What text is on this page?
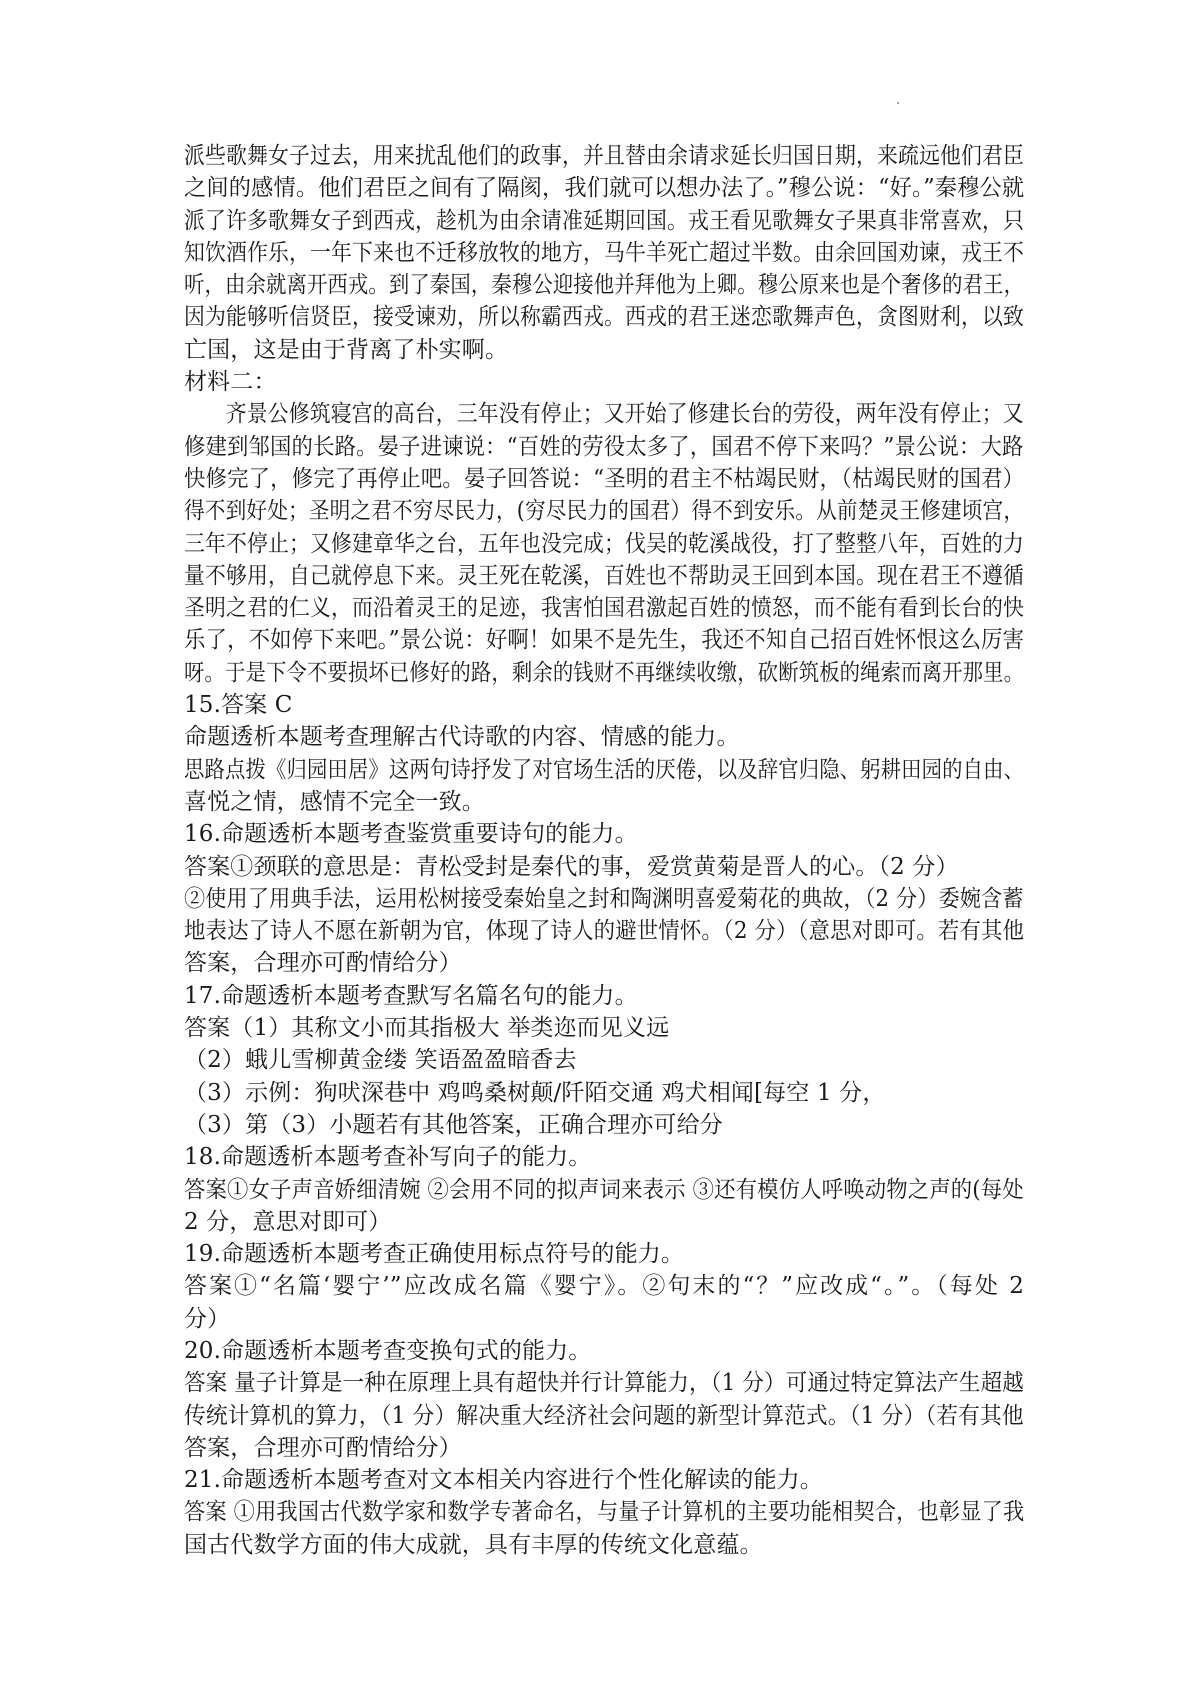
派些歌舞女子过去，用来扰乱他们的政事，并且替由余请求延长归国日期，来疏远他们君臣
之间的感情。他们君臣之间有了隔阂，我们就可以想办法了。”穆公说：“好。”秦穆公就
派了许多歌舞女子到西戎，趁机为由余请准延期回国。戎王看见歌舞女子果真非常喜欢，只
知饮酒作乐，一年下来也不迁移放牧的地方，马牛羊死亡超过半数。由余回国劝谏，戎王不
听，由余就离开西戎。到了秦国，秦穆公迎接他并拜他为上卿。穆公原来也是个奢侈的君王，
因为能够听信贤臣，接受谏劝，所以称霸西戎。西戎的君王迷恋歌舞声色，贪图财利，以致
亡国，这是由于背离了朴实啊。
材料二：
齐景公修筑寝宫的高台，三年没有停止；又开始了修建长台的劳役，两年没有停止；又
修建到邹国的长路。晏子进谏说：“百姓的劳役太多了，国君不停下来吗？”景公说：大路
快修完了，修完了再停止吧。晏子回答说：“圣明的君主不枯竭民财，（枯竭民财的国君）
得不到好处；圣明之君不穷尽民力，(穷尽民力的国君）得不到安乐。从前楚灵王修建顷宫，
三年不停止；又修建章华之台，五年也没完成；伐吴的乾溪战役，打了整整八年，百姓的力
量不够用，自己就停息下来。灵王死在乾溪，百姓也不帮助灵王回到本国。现在君王不遵循
圣明之君的仁义，而沿着灵王的足迹，我害怕国君激起百姓的愤怒，而不能有看到长台的快
乐了，不如停下来吧。”景公说：好啊！如果不是先生，我还不知自己招百姓怀恨这么厉害
呀。于是下令不要损坏已修好的路，剩余的钱财不再继续收缴，砍断筑板的绳索而离开那里。
15.答案 C
命题透析本题考查理解古代诗歌的内容、情感的能力。
思路点拨《归园田居》这两句诗抒发了对官场生活的厌倦，以及辞官归隐、躬耕田园的自由、
喜悦之情，感情不完全一致。
16.命题透析本题考查鉴赏重要诗句的能力。
答案①颈联的意思是：青松受封是秦代的事，爱赏黄菊是晋人的心。（2 分）
②使用了用典手法，运用松树接受秦始皇之封和陶渊明喜爱菊花的典故，（2 分）委婉含蓄
地表达了诗人不愿在新朝为官，体现了诗人的避世情怀。（2 分）（意思对即可。若有其他
答案，合理亦可酌情给分）
17.命题透析本题考查默写名篇名句的能力。
答案（1）其称文小而其指极大 举类迩而见义远
（2）蛾儿雪柳黄金缕 笑语盈盈暗香去
（3）示例：狗吠深巷中 鸡鸣桑树颠/阡陌交通 鸡犬相闻[每空 1 分，
（3）第（3）小题若有其他答案，正确合理亦可给分
18.命题透析本题考查补写向子的能力。
答案①女子声音娇细清婉 ②会用不同的拟声词来表示 ③还有模仿人呼唤动物之声的(每处
2 分，意思对即可）
19.命题透析本题考查正确使用标点符号的能力。
答案①“名篇‘婴宁’”应改成名篇《婴宁》。②句末的“？”应改成“。”。（每处 2
分）
20.命题透析本题考查变换句式的能力。
答案 量子计算是一种在原理上具有超快并行计算能力，（1 分）可通过特定算法产生超越
传统计算机的算力，（1 分）解决重大经济社会问题的新型计算范式。（1 分）（若有其他
答案，合理亦可酌情给分）
21.命题透析本题考查对文本相关内容进行个性化解读的能力。
答案 ①用我国古代数学家和数学专著命名，与量子计算机的主要功能相契合，也彰显了我
国古代数学方面的伟大成就，具有丰厚的传统文化意蕴。
